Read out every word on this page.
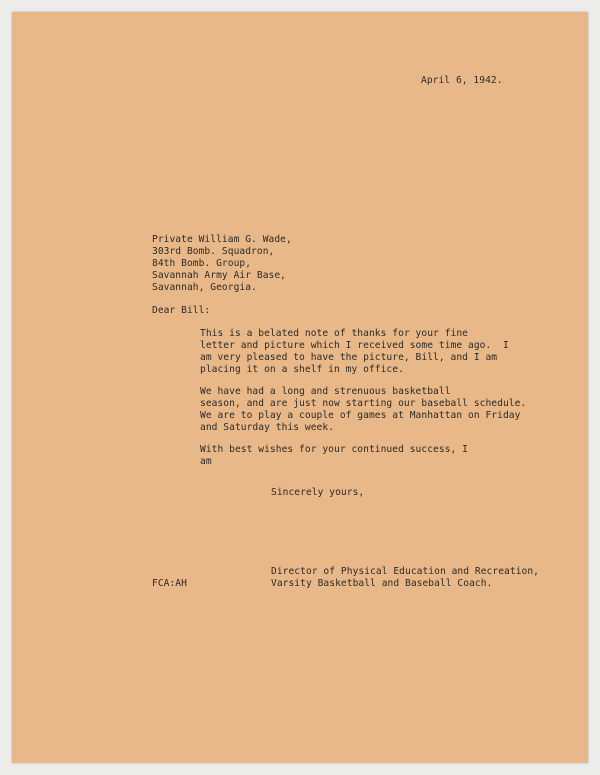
April 6, 1942.
Private William G. Wade,
303rd Bomb. Squadron,
84th Bomb. Group,
Savannah Army Air Base,
Savannah, Georgia.
Dear Bill:
This is a belated note of thanks for your fine
letter and picture which I received some time ago.  I
am very pleased to have the picture, Bill, and I am
placing it on a shelf in my office.
We have had a long and strenuous basketball
season, and are just now starting our baseball schedule.
We are to play a couple of games at Manhattan on Friday
and Saturday this week.
With best wishes for your continued success, I
am
Sincerely yours,
Director of Physical Education and Recreation,
Varsity Basketball and Baseball Coach.
FCA:AH
